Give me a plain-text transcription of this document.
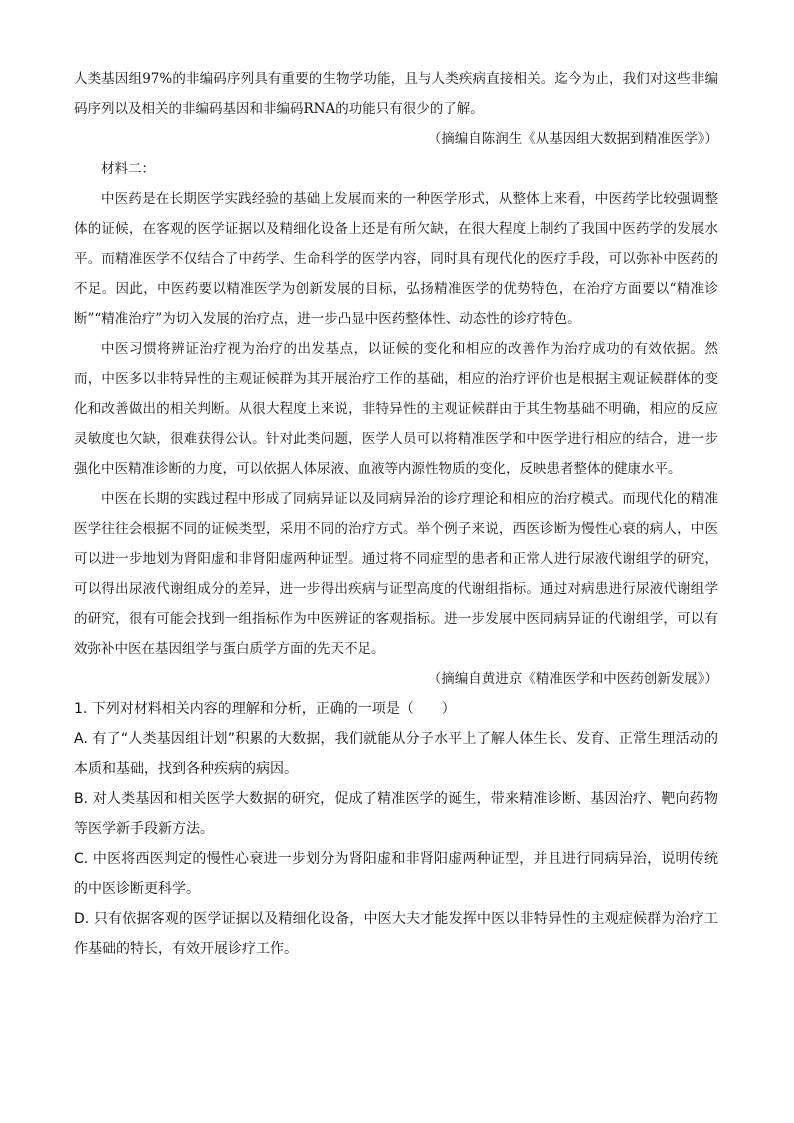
人类基因组97%的非编码序列具有重要的生物学功能，且与人类疾病直接相关。迄今为止，我们对这些非编码序列以及相关的非编码基因和非编码RNA的功能只有很少的了解。

（摘编自陈润生《从基因组大数据到精准医学》）

材料二：

中医药是在长期医学实践经验的基础上发展而来的一种医学形式，从整体上来看，中医药学比较强调整体的证候，在客观的医学证据以及精细化设备上还是有所欠缺，在很大程度上制约了我国中医药学的发展水平。而精准医学不仅结合了中药学、生命科学的医学内容，同时具有现代化的医疗手段，可以弥补中医药的不足。因此，中医药要以精准医学为创新发展的目标，弘扬精准医学的优势特色，在治疗方面要以“精准诊断”“精准治疗”为切入发展的治疗点，进一步凸显中医药整体性、动态性的诊疗特色。

中医习惯将辨证治疗视为治疗的出发基点，以证候的变化和相应的改善作为治疗成功的有效依据。然而，中医多以非特异性的主观证候群为其开展治疗工作的基础，相应的治疗评价也是根据主观证候群体的变化和改善做出的相关判断。从很大程度上来说，非特异性的主观证候群由于其生物基础不明确，相应的反应灵敏度也欠缺，很难获得公认。针对此类问题，医学人员可以将精准医学和中医学进行相应的结合，进一步强化中医精准诊断的力度，可以依据人体尿液、血液等内源性物质的变化，反映患者整体的健康水平。

中医在长期的实践过程中形成了同病异证以及同病异治的诊疗理论和相应的治疗模式。而现代化的精准医学往往会根据不同的证候类型，采用不同的治疗方式。举个例子来说，西医诊断为慢性心衰的病人，中医可以进一步地划为肾阳虚和非肾阳虚两种证型。通过将不同症型的患者和正常人进行尿液代谢组学的研究，可以得出尿液代谢组成分的差异，进一步得出疾病与证型高度的代谢组指标。通过对病患进行尿液代谢组学的研究，很有可能会找到一组指标作为中医辨证的客观指标。进一步发展中医同病异证的代谢组学，可以有效弥补中医在基因组学与蛋白质学方面的先天不足。

（摘编自黄进京《精准医学和中医药创新发展》）

1. 下列对材料相关内容的理解和分析，正确的一项是（　　）

A. 有了“人类基因组计划”积累的大数据，我们就能从分子水平上了解人体生长、发育、正常生理活动的本质和基础，找到各种疾病的病因。

B. 对人类基因和相关医学大数据的研究，促成了精准医学的诞生，带来精准诊断、基因治疗、靶向药物等医学新手段新方法。

C. 中医将西医判定的慢性心衰进一步划分为肾阳虚和非肾阳虚两种证型，并且进行同病异治，说明传统的中医诊断更科学。

D. 只有依据客观的医学证据以及精细化设备，中医大夫才能发挥中医以非特异性的主观症候群为治疗工作基础的特长，有效开展诊疗工作。
